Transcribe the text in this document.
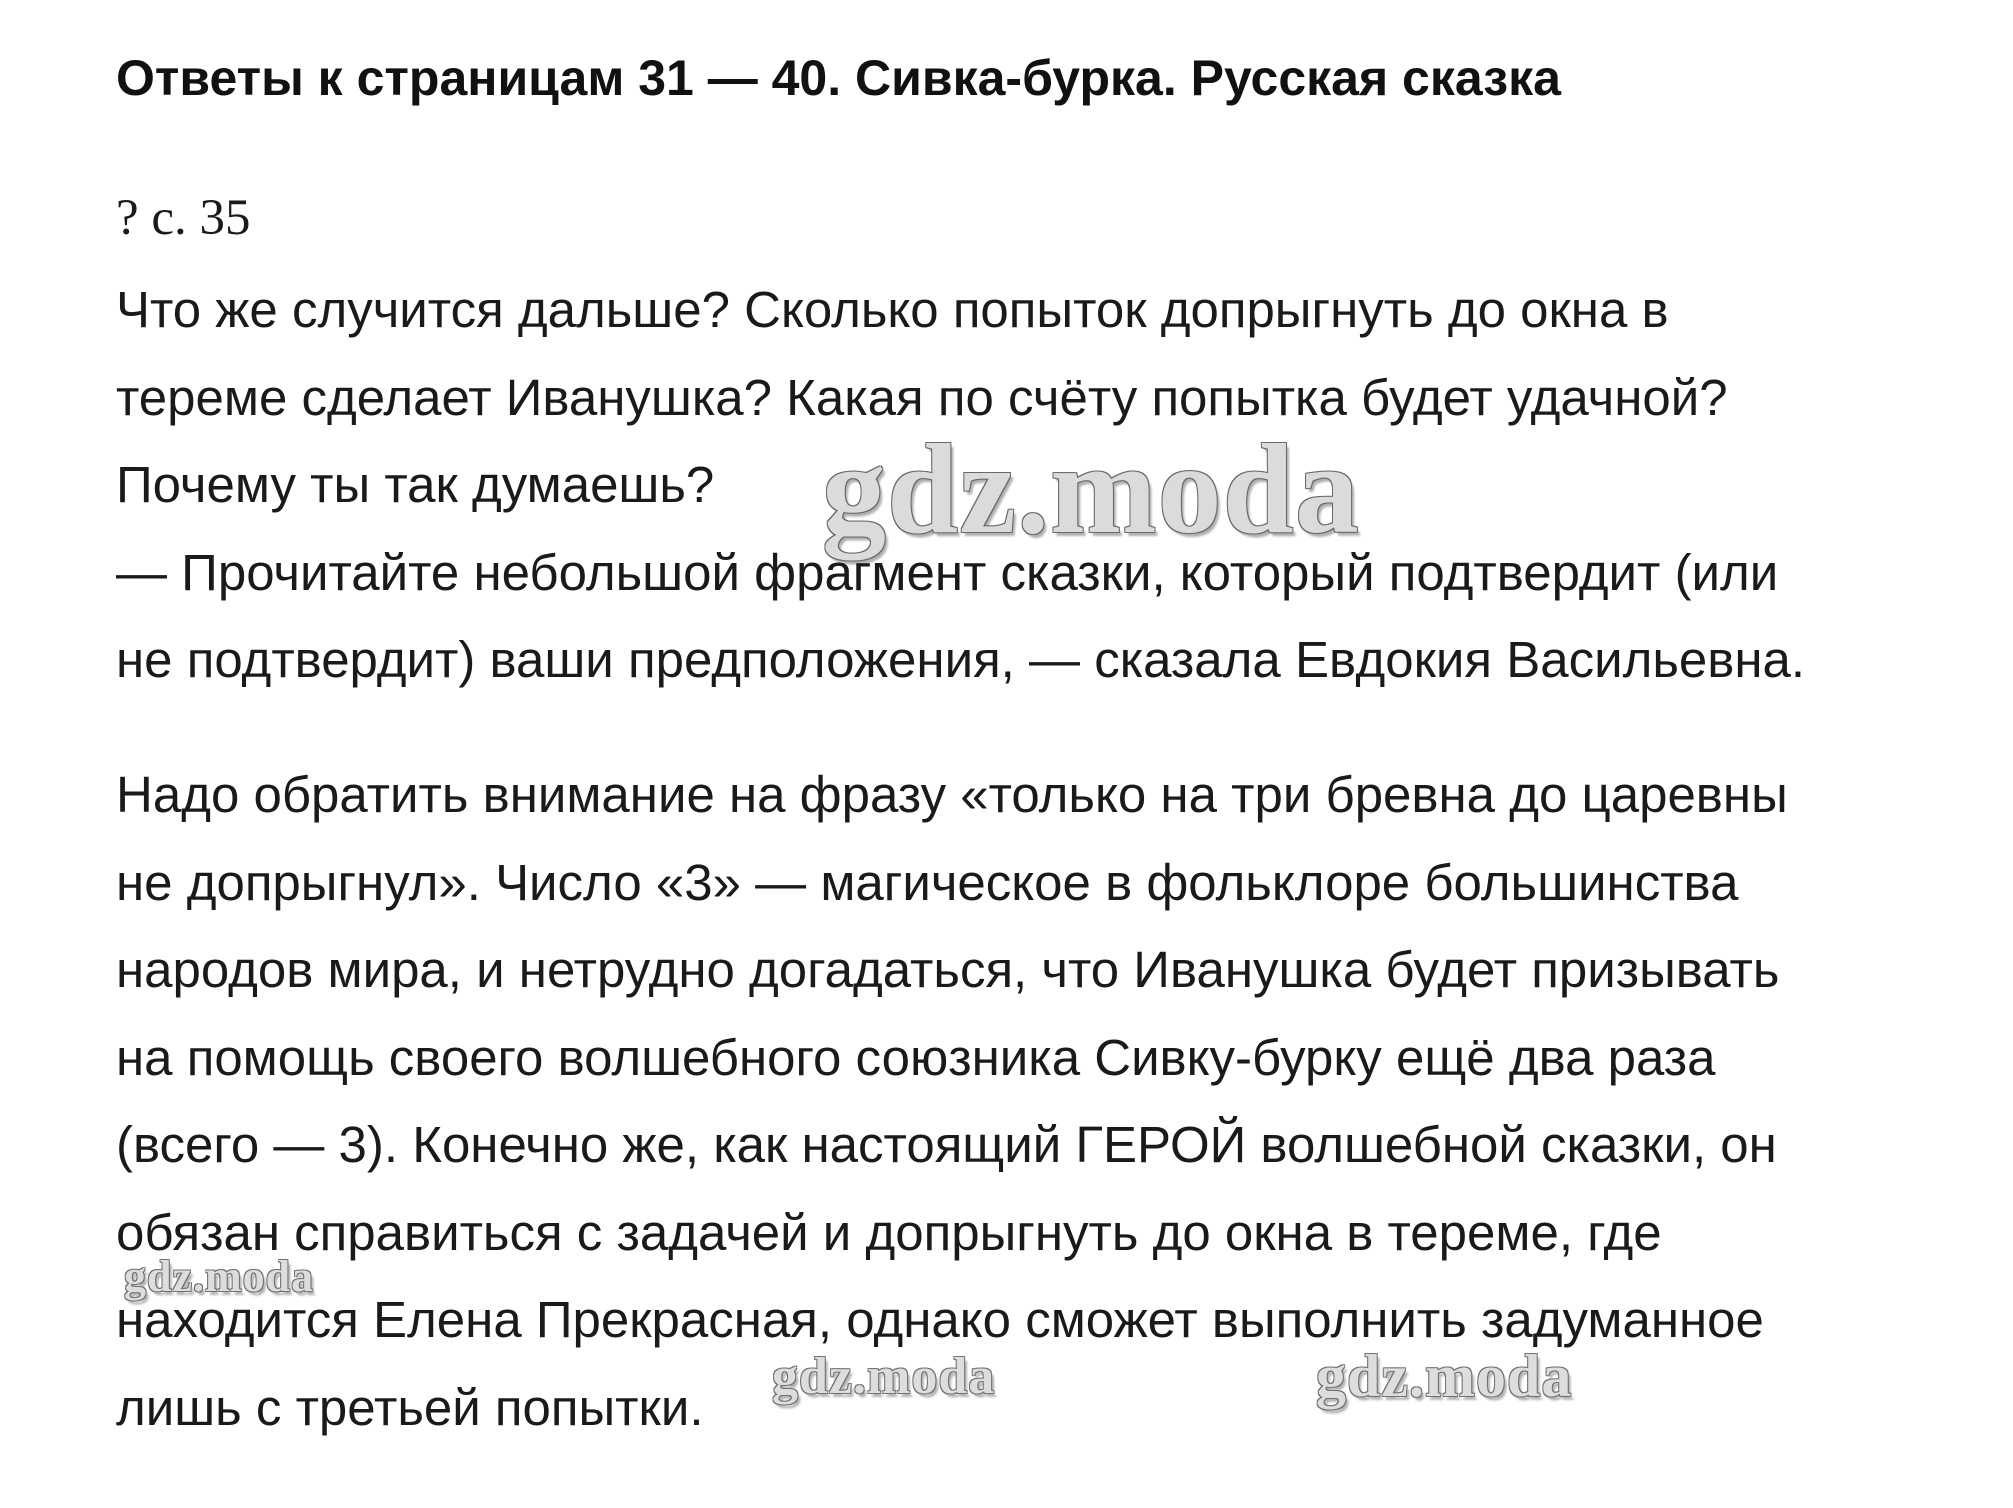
Ответы к страницам 31 — 40. Сивка-бурка. Русская сказка
? с. 35
Что же случится дальше? Сколько попыток допрыгнуть до окна в
тереме сделает Иванушка? Какая по счёту попытка будет удачной?
Почему ты так думаешь?
— Прочитайте небольшой фрагмент сказки, который подтвердит (или
не подтвердит) ваши предположения, — сказала Евдокия Васильевна.
Надо обратить внимание на фразу «только на три бревна до царевны
не допрыгнул». Число «3» — магическое в фольклоре большинства
народов мира, и нетрудно догадаться, что Иванушка будет призывать
на помощь своего волшебного союзника Сивку-бурку ещё два раза
(всего — 3). Конечно же, как настоящий ГЕРОЙ волшебной сказки, он
обязан справиться с задачей и допрыгнуть до окна в тереме, где
находится Елена Прекрасная, однако сможет выполнить задуманное
лишь с третьей попытки.
gdz.moda
gdz.moda
gdz.moda	gdz.moda
